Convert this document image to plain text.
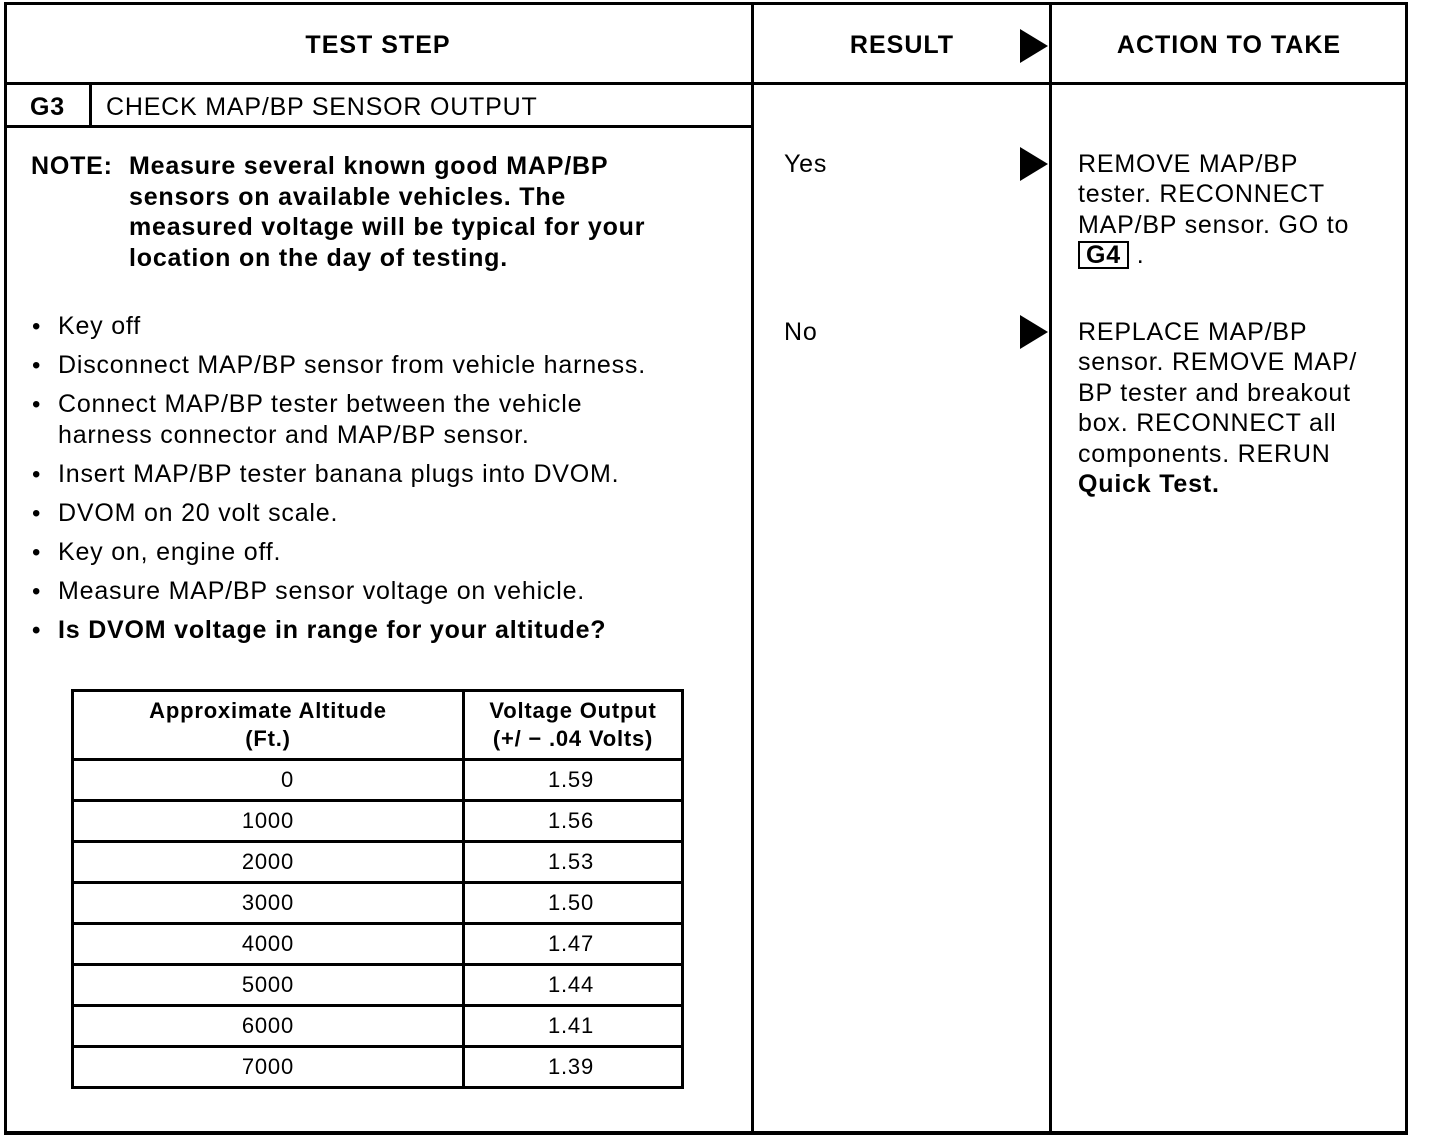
TEST STEP	RESULT	ACTION TO TAKE
G3 CHECK MAP/BP SENSOR OUTPUT
NOTE: Measure several known good MAP/BP
sensors on available vehicles. The
measured voltage will be typical for your
location on the day of testing.
• Key off
• Disconnect MAP/BP sensor from vehicle harness.
• Connect MAP/BP tester between the vehicle harness connector and MAP/BP sensor.
• Insert MAP/BP tester banana plugs into DVOM.
• DVOM on 20 volt scale.
• Key on, engine off.
• Measure MAP/BP sensor voltage on vehicle.
• Is DVOM voltage in range for your altitude?
Approximate Altitude
(Ft.)	Voltage Output
(+/ − .04 Volts)
0	1.59
1000	1.56
2000	1.53
3000	1.50
4000	1.47
5000	1.44
6000	1.41
7000	1.39
Yes	REMOVE MAP/BP
tester. RECONNECT
MAP/BP sensor. GO to
G4 .
No	REPLACE MAP/BP
sensor. REMOVE MAP/
BP tester and breakout
box. RECONNECT all
components. RERUN
Quick Test.
